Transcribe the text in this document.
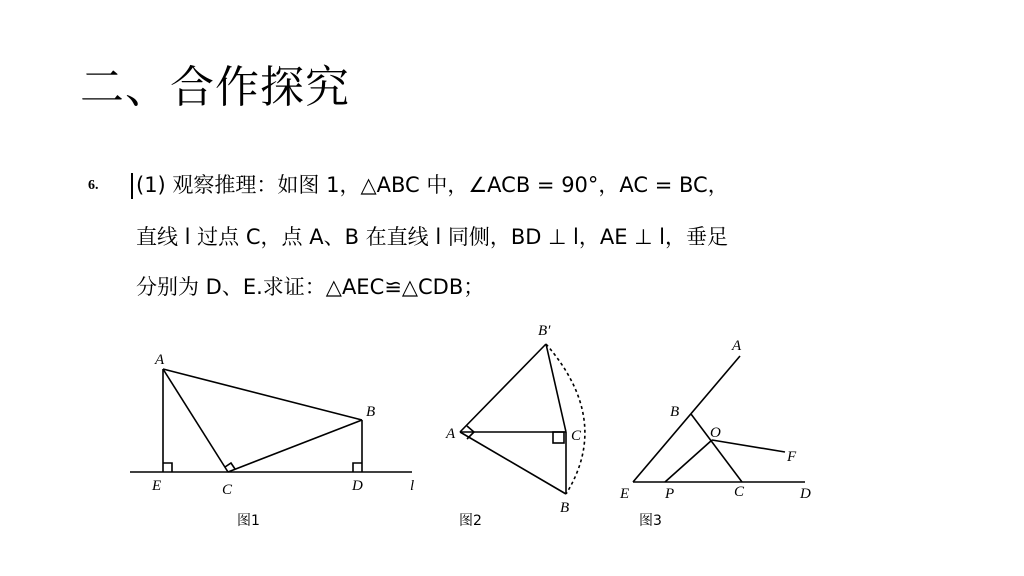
二、合作探究
6. (1) 观察推理：如图 1，△ABC 中，∠ACB = 90°，AC = BC，
直线 l 过点 C，点 A、B 在直线 l 同侧，BD ⊥ l，AE ⊥ l，垂足
分别为 D、E.求证：△AEC≌△CDB；
A
B
C	D
E	l
B′
A	C
B
A
B
O
F
E P	C	D
图1	图2	图3
